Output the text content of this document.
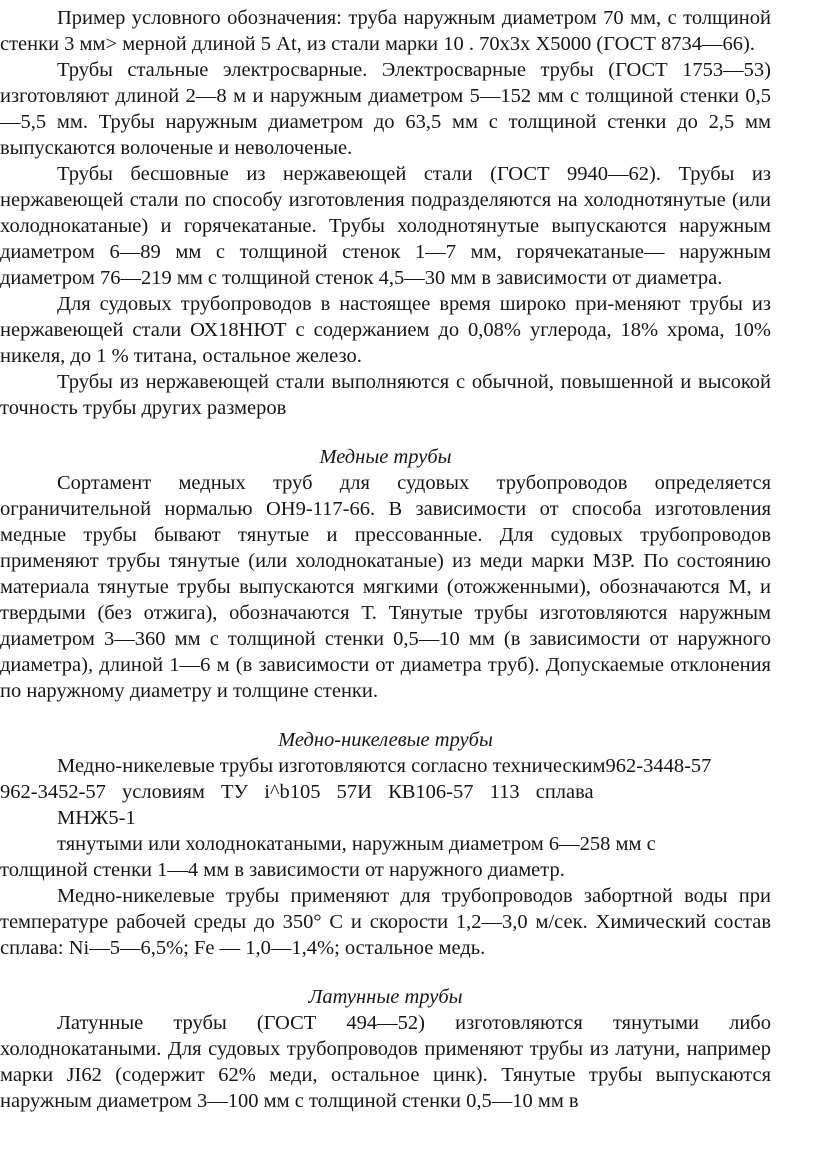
Пример условного обозначения: труба наружным диаметром 70 мм, с толщиной стенки 3 мм> мерной длиной 5 At, из стали марки 10 . 70х3х Х5000 (ГОСТ 8734—66).

Трубы стальные электросварные. Электросварные трубы (ГОСТ 1753—53) изготовляют длиной 2—8 м и наружным диаметром 5—152 мм с толщиной стенки 0,5—5,5 мм. Трубы наружным диаметром до 63,5 мм с толщиной стенки до 2,5 мм выпускаются волоченые и неволоченые.

Трубы бесшовные из нержавеющей стали (ГОСТ 9940—62). Трубы из нержавеющей стали по способу изготовления подразделяются на холоднотянутые (или холоднокатаные) и горячекатаные. Трубы холоднотянутые выпускаются наружным диаметром 6—89 мм с толщиной стенок 1—7 мм, горячекатаные— наружным диаметром 76—219 мм с толщиной стенок 4,5—30 мм в зависимости от диаметра.

Для судовых трубопроводов в настоящее время широко при-меняют трубы из нержавеющей стали ОХ18НЮТ с содержанием до 0,08% углерода, 18% хрома, 10% никеля, до 1 % титана, остальное железо.

Трубы из нержавеющей стали выполняются с обычной, повышенной и высокой точность трубы других размеров

Медные трубы

Сортамент медных труб для судовых трубопроводов определяется ограничительной нормалью ОН9-117-66. В зависимости от способа изготовления медные трубы бывают тянутые и прессованные. Для судовых трубопроводов применяют трубы тянутые (или холоднокатаные) из меди марки МЗР. По состоянию материала тянутые трубы выпускаются мягкими (отожженными), обозначаются М, и твердыми (без отжига), обозначаются Т. Тянутые трубы изготовляются наружным диаметром 3—360 мм с толщиной стенки 0,5—10 мм (в зависимости от наружного диаметра), длиной 1—6 м (в зависимости от диаметра труб). Допускаемые отклонения по наружному диаметру и толщине стенки.

Медно-никелевые трубы
Медно-никелевые трубы изготовляются согласно техническим962-3448-57
962-3452-57 условиям ТУ i^b105 57И КВ106-57 113 сплава
МНЖ5-1
тянутыми или холоднокатаными, наружным диаметром 6—258 мм с
толщиной стенки 1—4 мм в зависимости от наружного диаметр.

Медно-никелевые трубы применяют для трубопроводов забортной воды при температуре рабочей среды до 350° С и скорости 1,2—3,0 м/сек. Химический состав сплава: Ni—5—6,5%; Fe — 1,0—1,4%; остальное медь.

Латунные трубы

Латунные трубы (ГОСТ 494—52) изготовляются тянутыми либо холоднокатаными. Для судовых трубопроводов применяют трубы из латуни, например марки JI62 (содержит 62% меди, остальное цинк). Тянутые трубы выпускаются наружным диаметром 3—100 мм с толщиной стенки 0,5—10 мм в
